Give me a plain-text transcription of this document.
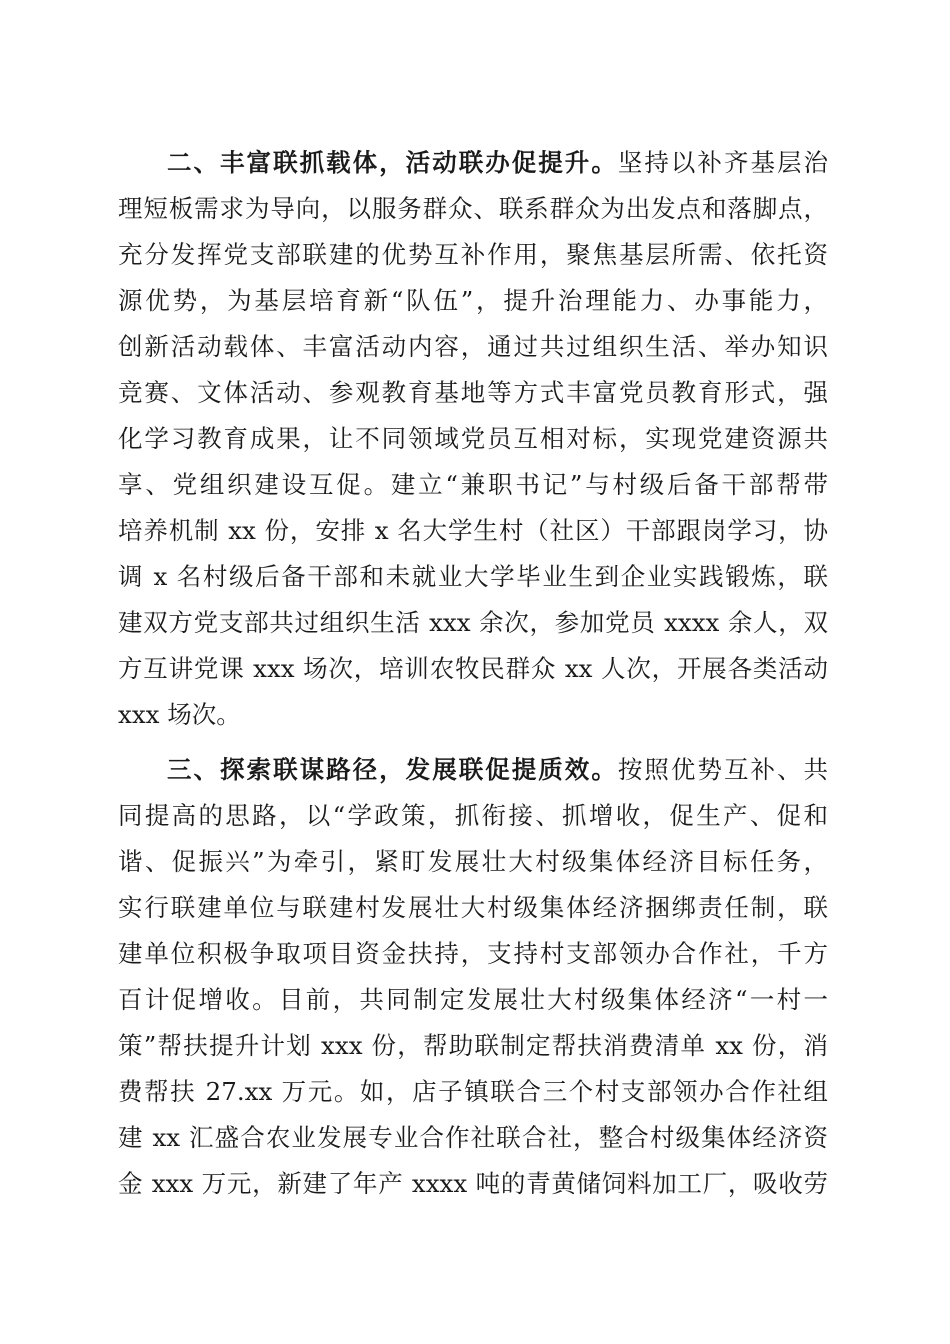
二、丰富联抓载体，活动联办促提升。坚持以补齐基层治
理短板需求为导向，以服务群众、联系群众为出发点和落脚点，
充分发挥党支部联建的优势互补作用，聚焦基层所需、依托资
源优势，为基层培育新“队伍”，提升治理能力、办事能力，
创新活动载体、丰富活动内容，通过共过组织生活、举办知识
竞赛、文体活动、参观教育基地等方式丰富党员教育形式，强
化学习教育成果，让不同领域党员互相对标，实现党建资源共
享、党组织建设互促。建立“兼职书记”与村级后备干部帮带
培养机制 xx 份，安排 x 名大学生村（社区）干部跟岗学习，协
调 x 名村级后备干部和未就业大学毕业生到企业实践锻炼，联
建双方党支部共过组织生活 xxx 余次，参加党员 xxxx 余人，双
方互讲党课 xxx 场次，培训农牧民群众 xx 人次，开展各类活动
xxx 场次。
三、探索联谋路径，发展联促提质效。按照优势互补、共
同提高的思路，以“学政策，抓衔接、抓增收，促生产、促和
谐、促振兴”为牵引，紧盯发展壮大村级集体经济目标任务，
实行联建单位与联建村发展壮大村级集体经济捆绑责任制，联
建单位积极争取项目资金扶持，支持村支部领办合作社，千方
百计促增收。目前，共同制定发展壮大村级集体经济“一村一
策”帮扶提升计划 xxx 份，帮助联制定帮扶消费清单 xx 份，消
费帮扶 27.xx 万元。如，店子镇联合三个村支部领办合作社组
建 xx 汇盛合农业发展专业合作社联合社，整合村级集体经济资
金 xxx 万元，新建了年产 xxxx 吨的青黄储饲料加工厂，吸收劳
